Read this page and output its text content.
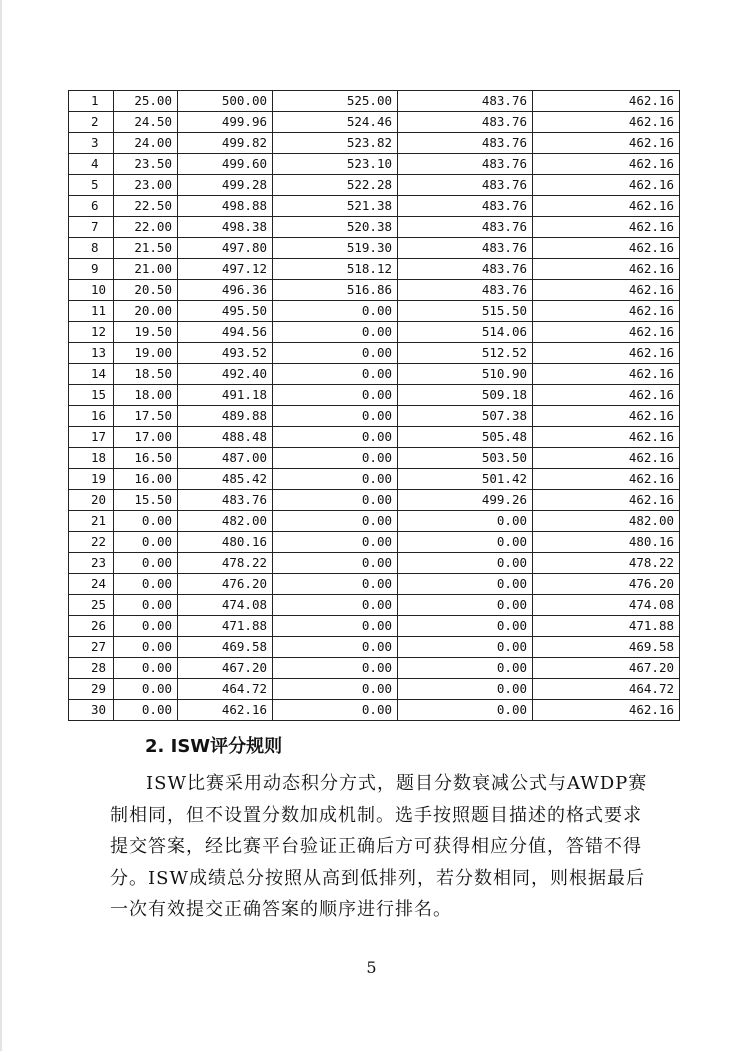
1	25.00	500.00	525.00	483.76	462.16
2	24.50	499.96	524.46	483.76	462.16
3	24.00	499.82	523.82	483.76	462.16
4	23.50	499.60	523.10	483.76	462.16
5	23.00	499.28	522.28	483.76	462.16
6	22.50	498.88	521.38	483.76	462.16
7	22.00	498.38	520.38	483.76	462.16
8	21.50	497.80	519.30	483.76	462.16
9	21.00	497.12	518.12	483.76	462.16
10	20.50	496.36	516.86	483.76	462.16
11	20.00	495.50	0.00	515.50	462.16
12	19.50	494.56	0.00	514.06	462.16
13	19.00	493.52	0.00	512.52	462.16
14	18.50	492.40	0.00	510.90	462.16
15	18.00	491.18	0.00	509.18	462.16
16	17.50	489.88	0.00	507.38	462.16
17	17.00	488.48	0.00	505.48	462.16
18	16.50	487.00	0.00	503.50	462.16
19	16.00	485.42	0.00	501.42	462.16
20	15.50	483.76	0.00	499.26	462.16
21	0.00	482.00	0.00	0.00	482.00
22	0.00	480.16	0.00	0.00	480.16
23	0.00	478.22	0.00	0.00	478.22
24	0.00	476.20	0.00	0.00	476.20
25	0.00	474.08	0.00	0.00	474.08
26	0.00	471.88	0.00	0.00	471.88
27	0.00	469.58	0.00	0.00	469.58
28	0.00	467.20	0.00	0.00	467.20
29	0.00	464.72	0.00	0.00	464.72
30	0.00	462.16	0.00	0.00	462.16
2. ISW评分规则

ISW比赛采用动态积分方式，题目分数衰减公式与AWDP赛制相同，但不设置分数加成机制。选手按照题目描述的格式要求提交答案，经比赛平台验证正确后方可获得相应分值，答错不得分。ISW成绩总分按照从高到低排列，若分数相同，则根据最后一次有效提交正确答案的顺序进行排名。

5
